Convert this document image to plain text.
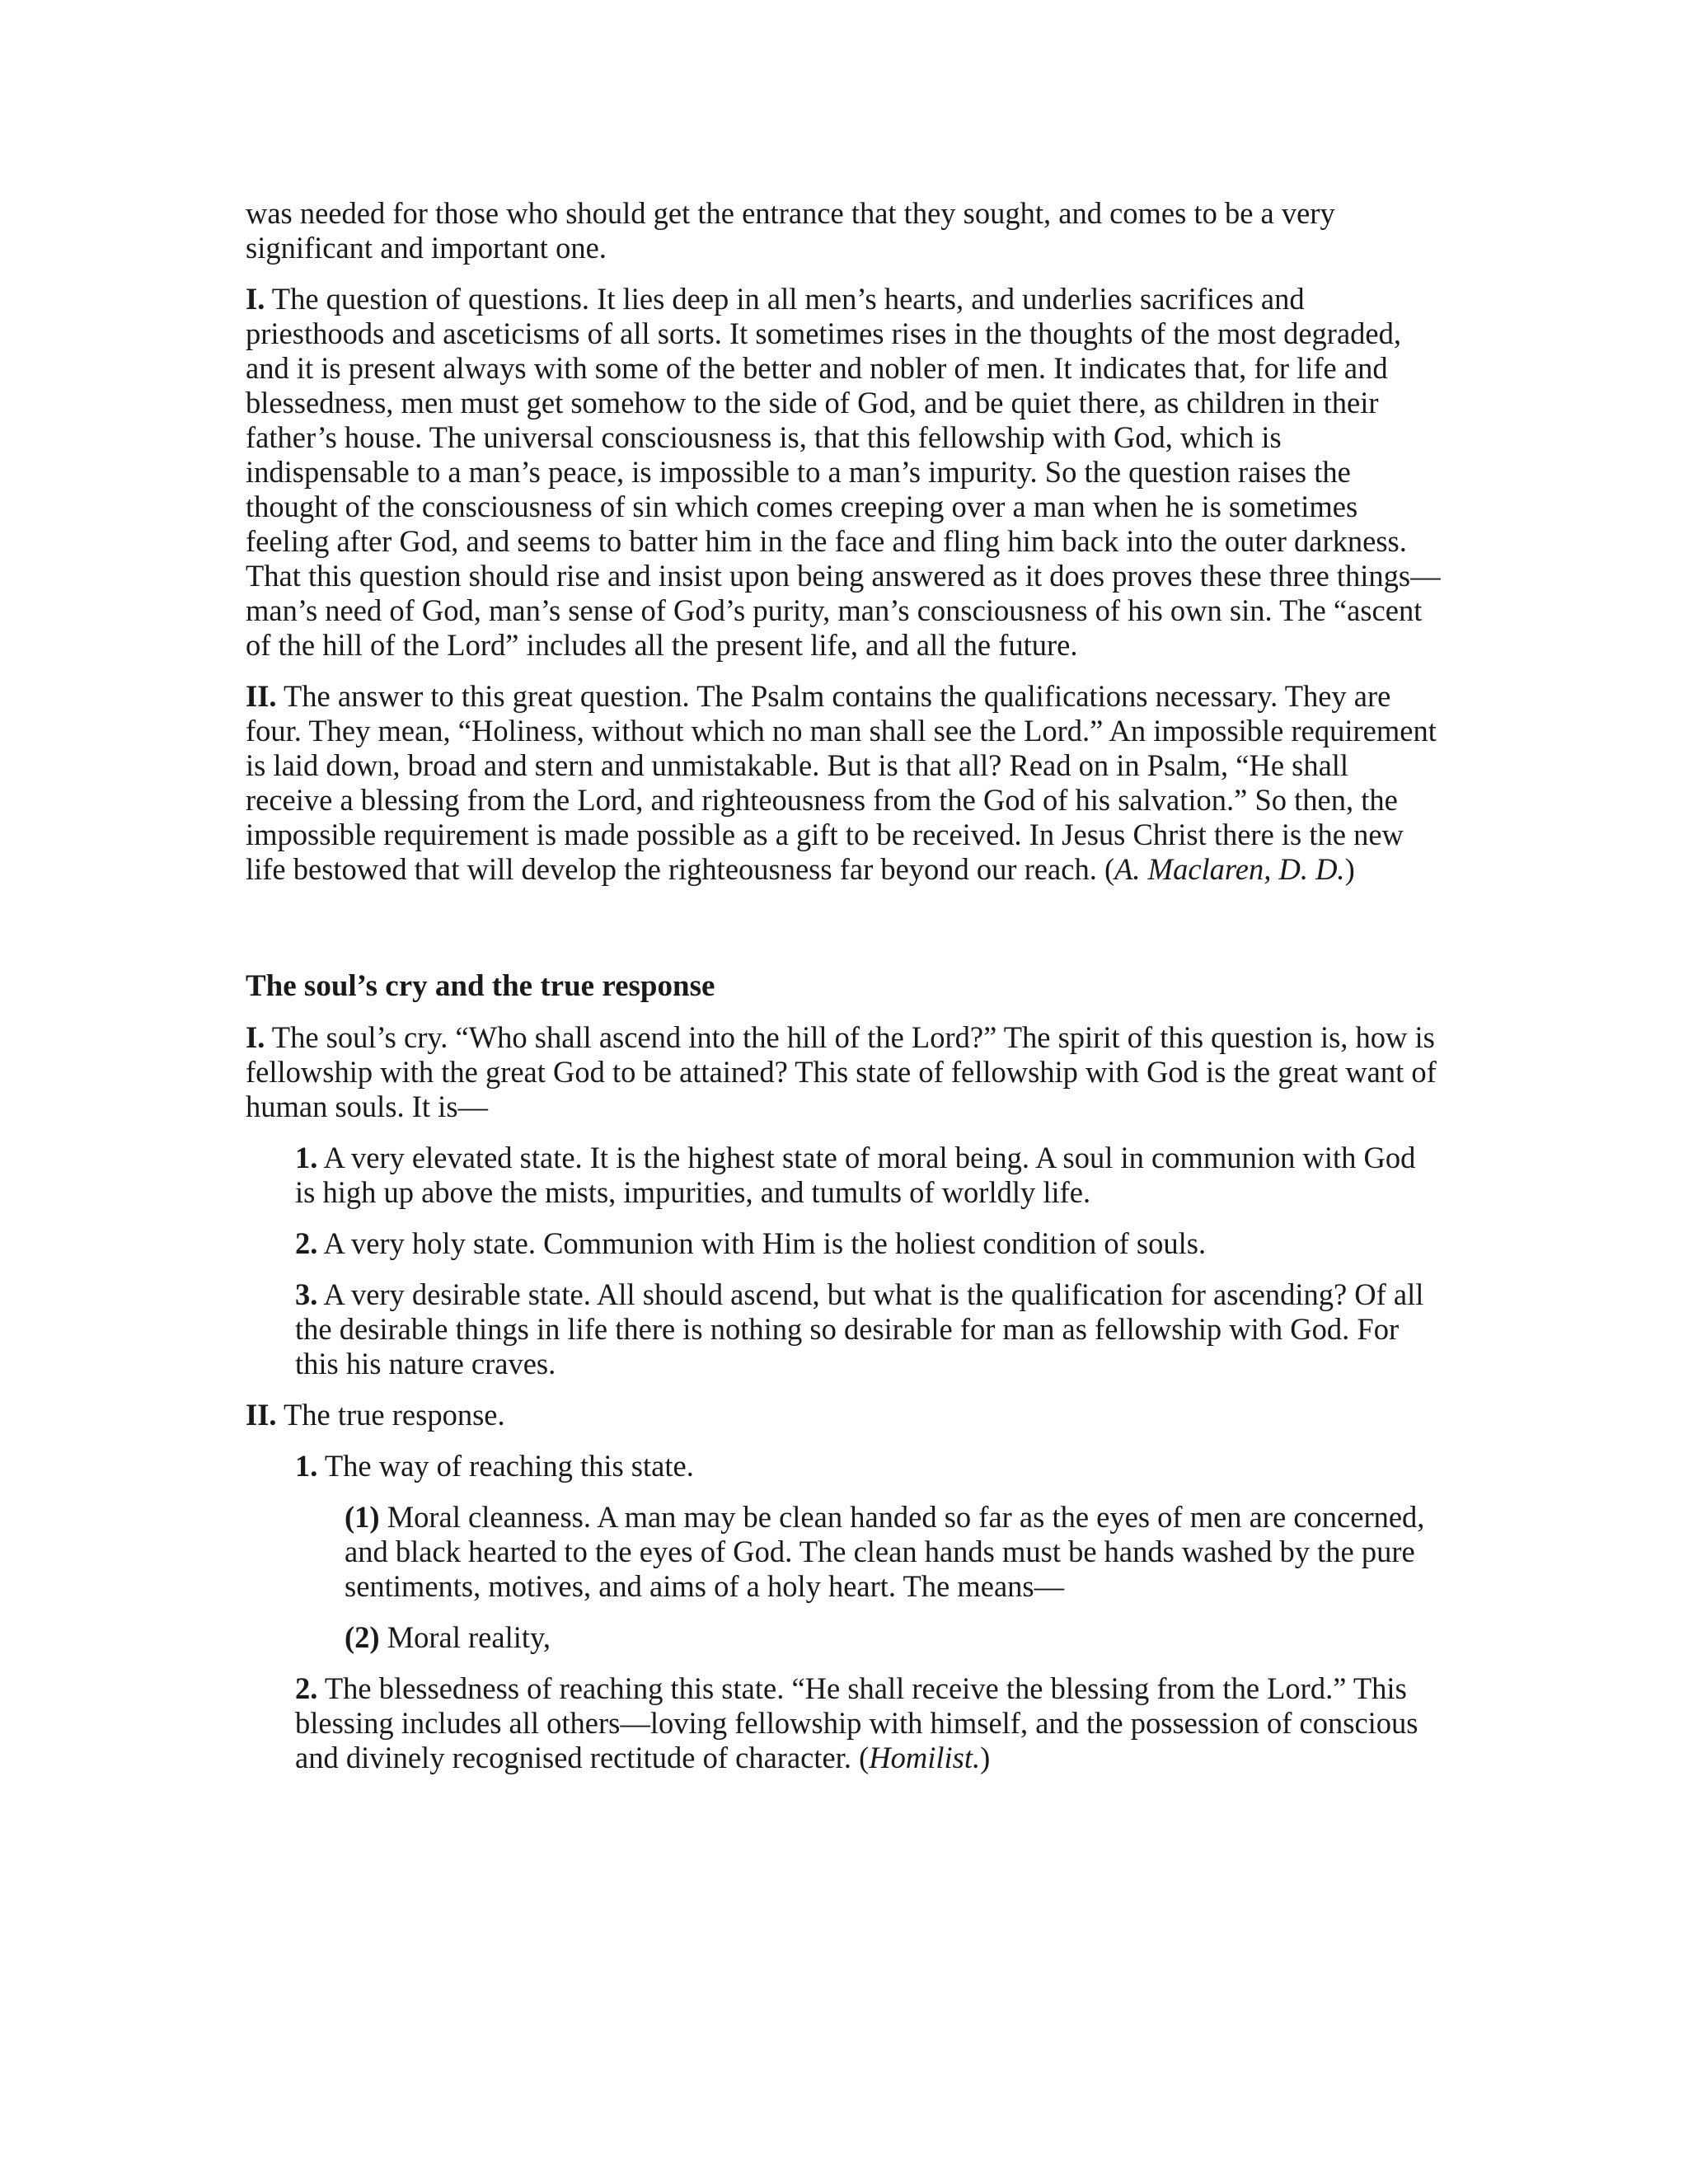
was needed for those who should get the entrance that they sought, and comes to be a very significant and important one.

I. The question of questions. It lies deep in all men’s hearts, and underlies sacrifices and priesthoods and asceticisms of all sorts. It sometimes rises in the thoughts of the most degraded, and it is present always with some of the better and nobler of men. It indicates that, for life and blessedness, men must get somehow to the side of God, and be quiet there, as children in their father’s house. The universal consciousness is, that this fellowship with God, which is indispensable to a man’s peace, is impossible to a man’s impurity. So the question raises the thought of the consciousness of sin which comes creeping over a man when he is sometimes feeling after God, and seems to batter him in the face and fling him back into the outer darkness. That this question should rise and insist upon being answered as it does proves these three things—man’s need of God, man’s sense of God’s purity, man’s consciousness of his own sin. The “ascent of the hill of the Lord” includes all the present life, and all the future.

II. The answer to this great question. The Psalm contains the qualifications necessary. They are four. They mean, “Holiness, without which no man shall see the Lord.” An impossible requirement is laid down, broad and stern and unmistakable. But is that all? Read on in Psalm, “He shall receive a blessing from the Lord, and righteousness from the God of his salvation.” So then, the impossible requirement is made possible as a gift to be received. In Jesus Christ there is the new life bestowed that will develop the righteousness far beyond our reach. (A. Maclaren, D. D.)

The soul’s cry and the true response

I. The soul’s cry. “Who shall ascend into the hill of the Lord?” The spirit of this question is, how is fellowship with the great God to be attained? This state of fellowship with God is the great want of human souls. It is—

1. A very elevated state. It is the highest state of moral being. A soul in communion with God is high up above the mists, impurities, and tumults of worldly life.

2. A very holy state. Communion with Him is the holiest condition of souls.

3. A very desirable state. All should ascend, but what is the qualification for ascending? Of all the desirable things in life there is nothing so desirable for man as fellowship with God. For this his nature craves.

II. The true response.

1. The way of reaching this state.

(1) Moral cleanness. A man may be clean handed so far as the eyes of men are concerned, and black hearted to the eyes of God. The clean hands must be hands washed by the pure sentiments, motives, and aims of a holy heart. The means—

(2) Moral reality,

2. The blessedness of reaching this state. “He shall receive the blessing from the Lord.” This blessing includes all others—loving fellowship with himself, and the possession of conscious and divinely recognised rectitude of character. (Homilist.)
